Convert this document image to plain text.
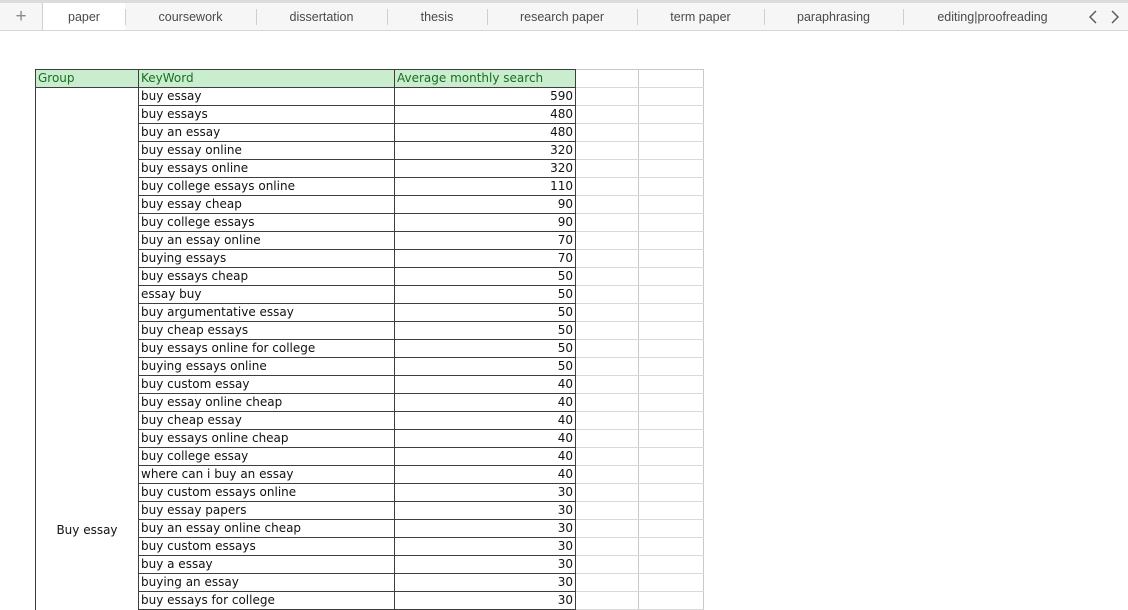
+	paper	coursework	dissertation	thesis	research paper	term paper	paraphrasing	editing|proofreading
Group	KeyWord	Average monthly search		

Buy essay	buy essay	590		
	buy essays	480		
	buy an essay	480		
	buy essay online	320		
	buy essays online	320		
	buy college essays online	110		
	buy essay cheap	90		
	buy college essays	90		
	buy an essay online	70		
	buying essays	70		
	buy essays cheap	50		
	essay buy	50		
	buy argumentative essay	50		
	buy cheap essays	50		
	buy essays online for college	50		
	buying essays online	50		
	buy custom essay	40		
	buy essay online cheap	40		
	buy cheap essay	40		
	buy essays online cheap	40		
	buy college essay	40		
	where can i buy an essay	40		
	buy custom essays online	30		
	buy essay papers	30		
	buy an essay online cheap	30		
	buy custom essays	30		
	buy a essay	30		
	buying an essay	30		
	buy essays for college	30		
